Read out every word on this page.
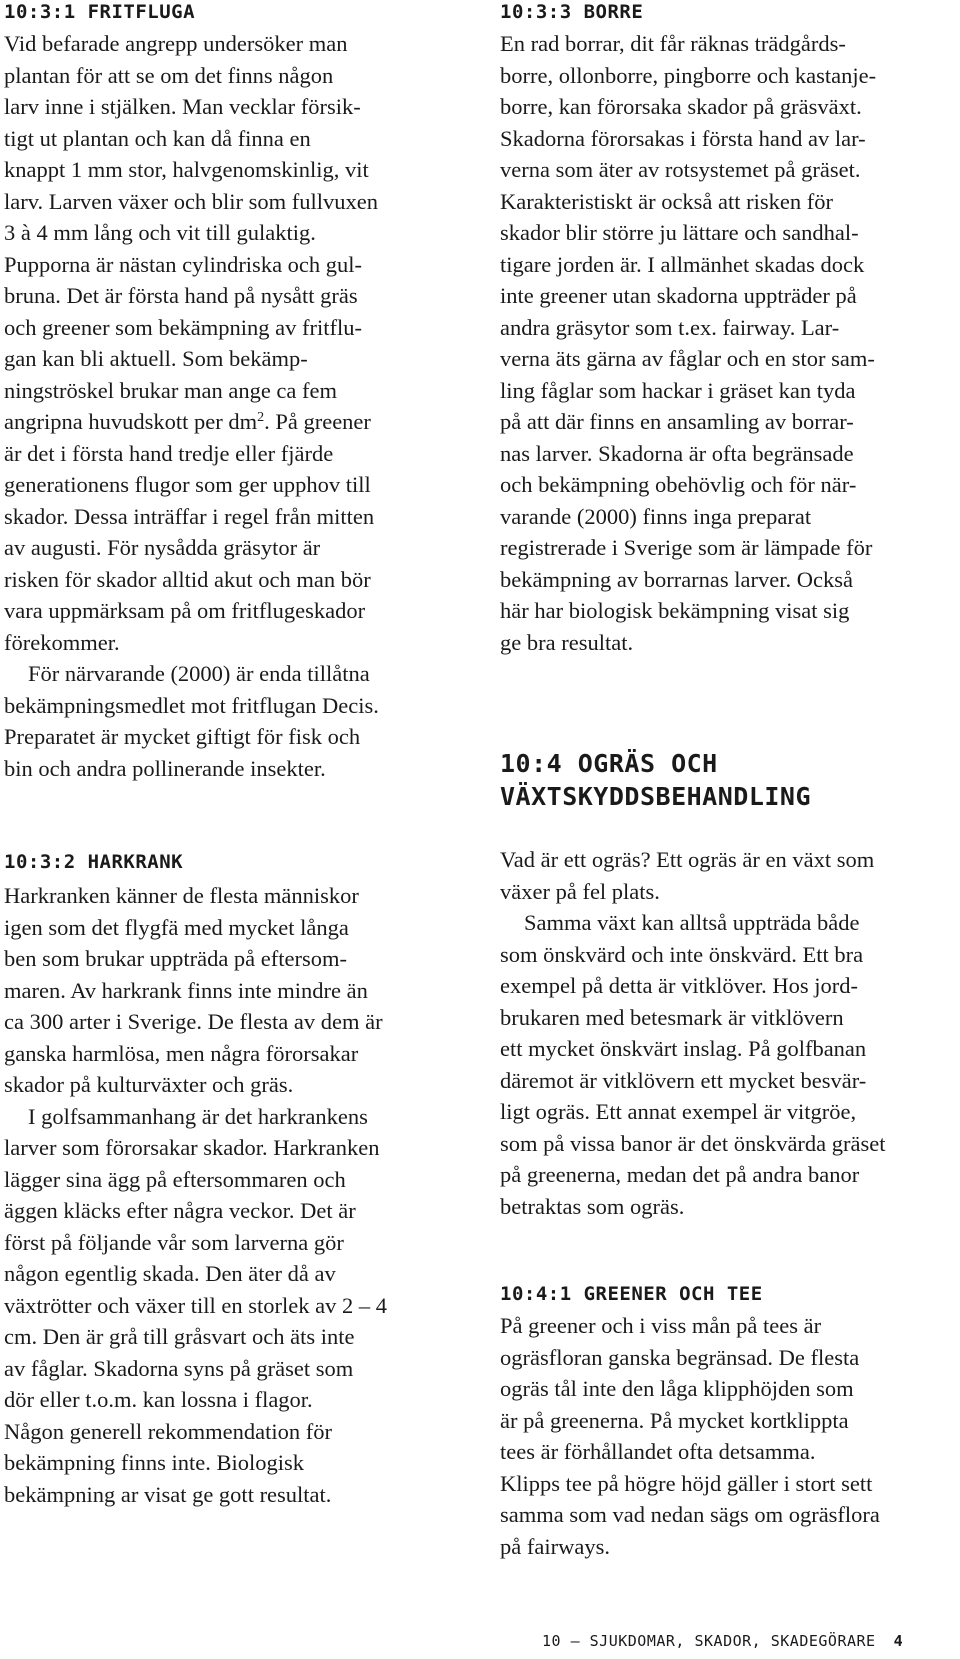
10:3:1 FRITFLUGA
Vid befarade angrepp undersöker man
plantan för att se om det finns någon
larv inne i stjälken. Man vecklar försik-
tigt ut plantan och kan då finna en
knappt 1 mm stor, halvgenomskinlig, vit
larv. Larven växer och blir som fullvuxen
3 à 4 mm lång och vit till gulaktig.
Pupporna är nästan cylindriska och gul-
bruna. Det är första hand på nysått gräs
och greener som bekämpning av fritflu-
gan kan bli aktuell. Som bekämp-
ningströskel brukar man ange ca fem
angripna huvudskott per $dm^2$. På greener
är det i första hand tredje eller fjärde
generationens flugor som ger upphov till
skador. Dessa inträffar i regel från mitten
av augusti. För nysådda gräsytor är
risken för skador alltid akut och man bör
vara uppmärksam på om fritflugeskador
förekommer.
För närvarande (2000) är enda tillåtna
bekämpningsmedlet mot fritflugan Decis.
Preparatet är mycket giftigt för fisk och
bin och andra pollinerande insekter.
10:3:2 HARKRANK
Harkranken känner de flesta människor
igen som det flygfä med mycket långa
ben som brukar uppträda på eftersom-
maren. Av harkrank finns inte mindre än
ca 300 arter i Sverige. De flesta av dem är
ganska harmlösa, men några förorsakar
skador på kulturväxter och gräs.
I golfsammanhang är det harkrankens
larver som förorsakar skador. Harkranken
lägger sina ägg på eftersommaren och
äggen kläcks efter några veckor. Det är
först på följande vår som larverna gör
någon egentlig skada. Den äter då av
växtrötter och växer till en storlek av 2 – 4
cm. Den är grå till gråsvart och äts inte
av fåglar. Skadorna syns på gräset som
dör eller t.o.m. kan lossna i flagor.
Någon generell rekommendation för
bekämpning finns inte. Biologisk
bekämpning ar visat ge gott resultat.
10:3:3 BORRE
En rad borrar, dit får räknas trädgårds-
borre, ollonborre, pingborre och kastanje-
borre, kan förorsaka skador på gräsväxt.
Skadorna förorsakas i första hand av lar-
verna som äter av rotsystemet på gräset.
Karakteristiskt är också att risken för
skador blir större ju lättare och sandhal-
tigare jorden är. I allmänhet skadas dock
inte greener utan skadorna uppträder på
andra gräsytor som t.ex. fairway. Lar-
verna äts gärna av fåglar och en stor sam-
ling fåglar som hackar i gräset kan tyda
på att där finns en ansamling av borrar-
nas larver. Skadorna är ofta begränsade
och bekämpning obehövlig och för när-
varande (2000) finns inga preparat
registrerade i Sverige som är lämpade för
bekämpning av borrarnas larver. Också
här har biologisk bekämpning visat sig
ge bra resultat.
10:4 OGRÄS OCH
VÄXTSKYDDSBEHANDLING
Vad är ett ogräs? Ett ogräs är en växt som
växer på fel plats.
Samma växt kan alltså uppträda både
som önskvärd och inte önskvärd. Ett bra
exempel på detta är vitklöver. Hos jord-
brukaren med betesmark är vitklövern
ett mycket önskvärt inslag. På golfbanan
däremot är vitklövern ett mycket besvär-
ligt ogräs. Ett annat exempel är vitgröe,
som på vissa banor är det önskvärda gräset
på greenerna, medan det på andra banor
betraktas som ogräs.
10:4:1 GREENER OCH TEE
På greener och i viss mån på tees är
ogräsfloran ganska begränsad. De flesta
ogräs tål inte den låga klipphöjden som
är på greenerna. På mycket kortklippta
tees är förhållandet ofta detsamma.
Klipps tee på högre höjd gäller i stort sett
samma som vad nedan sägs om ogräsflora
på fairways.
10 – SJUKDOMAR, SKADOR, SKADEGÖRARE 4
